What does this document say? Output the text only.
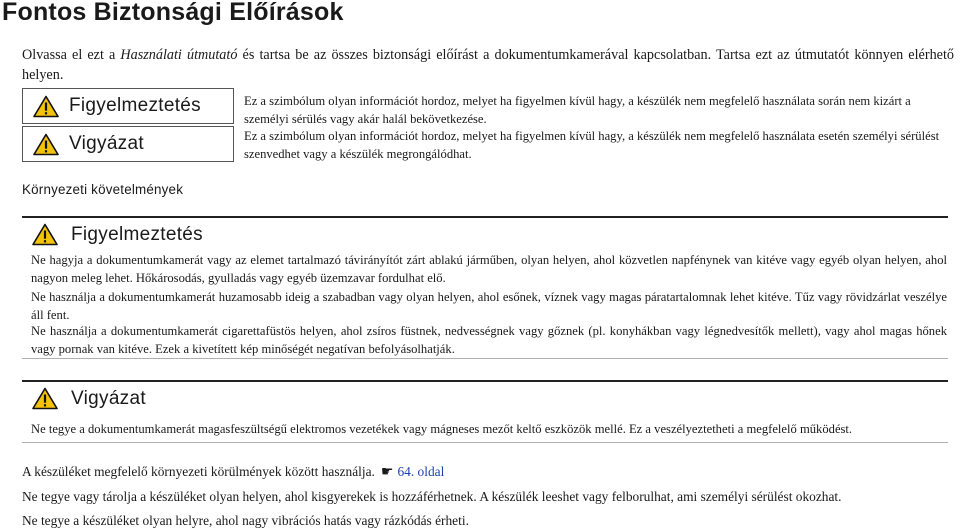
Fontos Biztonsági Előírások
Olvassa el ezt a Használati útmutató és tartsa be az összes biztonsági előírást a dokumentumkamerával kapcsolatban. Tartsa ezt az útmutatót könnyen elérhető helyen.
Figyelmeztetés	Ez a szimbólum olyan információt hordoz, melyet ha figyelmen kívül hagy, a készülék nem megfelelő használata során nem kizárt a személyi sérülés vagy akár halál bekövetkezése.
Vigyázat	Ez a szimbólum olyan információt hordoz, melyet ha figyelmen kívül hagy, a készülék nem megfelelő használata esetén személyi sérülést szenvedhet vagy a készülék megrongálódhat.
Környezeti követelmények
Figyelmeztetés
Ne hagyja a dokumentumkamerát vagy az elemet tartalmazó távirányítót zárt ablakú járműben, olyan helyen, ahol közvetlen napfénynek van kitéve vagy egyéb olyan helyen, ahol nagyon meleg lehet. Hőkárosodás, gyulladás vagy egyéb üzemzavar fordulhat elő.
Ne használja a dokumentumkamerát huzamosabb ideig a szabadban vagy olyan helyen, ahol esőnek, víznek vagy magas páratartalomnak lehet kitéve. Tűz vagy rövidzárlat veszélye áll fent.
Ne használja a dokumentumkamerát cigarettafüstös helyen, ahol zsíros füstnek, nedvességnek vagy gőznek (pl. konyhákban vagy légnedvesítők mellett), vagy ahol magas hőnek vagy pornak van kitéve. Ezek a kivetített kép minőségét negatívan befolyásolhatják.
Vigyázat
Ne tegye a dokumentumkamerát magasfeszültségű elektromos vezetékek vagy mágneses mezőt keltő eszközök mellé. Ez a veszélyeztetheti a megfelelő működést.
A készüléket megfelelő környezeti körülmények között használja. ☛ 64. oldal
Ne tegye vagy tárolja a készüléket olyan helyen, ahol kisgyerekek is hozzáférhetnek. A készülék leeshet vagy felborulhat, ami személyi sérülést okozhat.
Ne tegye a készüléket olyan helyre, ahol nagy vibrációs hatás vagy rázkódás érheti.
